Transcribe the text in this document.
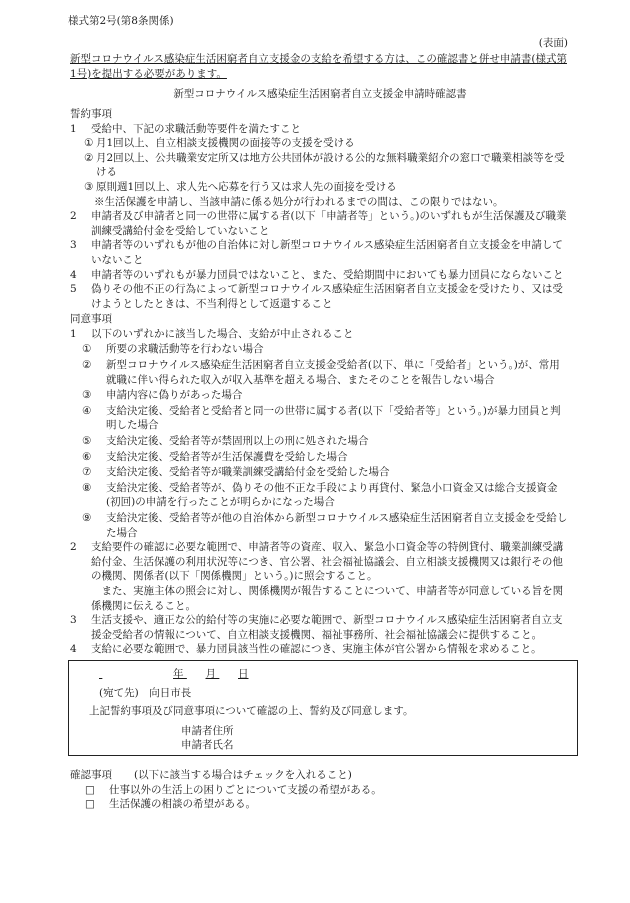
様式第2号(第8条関係)
(表面)
新型コロナウイルス感染症生活困窮者自立支援金の支給を希望する方は、この確認書と併せ申請書(様式第1号)を提出する必要があります。
新型コロナウイルス感染症生活困窮者自立支援金申請時確認書
誓約事項
1	受給中、下記の求職活動等要件を満たすこと
① 月1回以上、自立相談支援機関の面接等の支援を受ける
② 月2回以上、公共職業安定所又は地方公共団体が設ける公的な無料職業紹介の窓口で職業相談等を受ける
③ 原則週1回以上、求人先へ応募を行う又は求人先の面接を受ける
※生活保護を申請し、当該申請に係る処分が行われるまでの間は、この限りではない。
2	申請者及び申請者と同一の世帯に属する者(以下「申請者等」という。)のいずれもが生活保護及び職業訓練受講給付金を受給していないこと
3	申請者等のいずれもが他の自治体に対し新型コロナウイルス感染症生活困窮者自立支援金を申請していないこと
4	申請者等のいずれもが暴力団員ではないこと、また、受給期間中においても暴力団員にならないこと
5	偽りその他不正の行為によって新型コロナウイルス感染症生活困窮者自立支援金を受けたり、又は受けようとしたときは、不当利得として返還すること
同意事項
1	以下のいずれかに該当した場合、支給が中止されること
①	所要の求職活動等を行わない場合
②	新型コロナウイルス感染症生活困窮者自立支援金受給者(以下、単に「受給者」という。)が、常用就職に伴い得られた収入が収入基準を超える場合、またそのことを報告しない場合
③	申請内容に偽りがあった場合
④	支給決定後、受給者と受給者と同一の世帯に属する者(以下「受給者等」という。)が暴力団員と判明した場合
⑤	支給決定後、受給者等が禁固刑以上の刑に処された場合
⑥	支給決定後、受給者等が生活保護費を受給した場合
⑦	支給決定後、受給者等が職業訓練受講給付金を受給した場合
⑧	支給決定後、受給者等が、偽りその他不正な手段により再貸付、緊急小口資金又は総合支援資金(初回)の申請を行ったことが明らかになった場合
⑨	支給決定後、受給者等が他の自治体から新型コロナウイルス感染症生活困窮者自立支援金を受給した場合
2	支給要件の確認に必要な範囲で、申請者等の資産、収入、緊急小口資金等の特例貸付、職業訓練受講給付金、生活保護の利用状況等につき、官公署、社会福祉協議会、自立相談支援機関又は銀行その他の機関、関係者(以下「関係機関」という。)に照会すること。
また、実施主体の照会に対し、関係機関が報告することについて、申請者等が同意している旨を関係機関に伝えること。
3	生活支援や、適正な公的給付等の実施に必要な範囲で、新型コロナウイルス感染症生活困窮者自立支援金受給者の情報について、自立相談支援機関、福祉事務所、社会福祉協議会に提供すること。
4	支給に必要な範囲で、暴力団員該当性の確認につき、実施主体が官公署から情報を求めること。
年 月 日
(宛て先)　向日市長
上記誓約事項及び同意事項について確認の上、誓約及び同意します。
申請者住所
申請者氏名
確認事項 (以下に該当する場合はチェックを入れること)
□	仕事以外の生活上の困りごとについて支援の希望がある。
□	生活保護の相談の希望がある。
